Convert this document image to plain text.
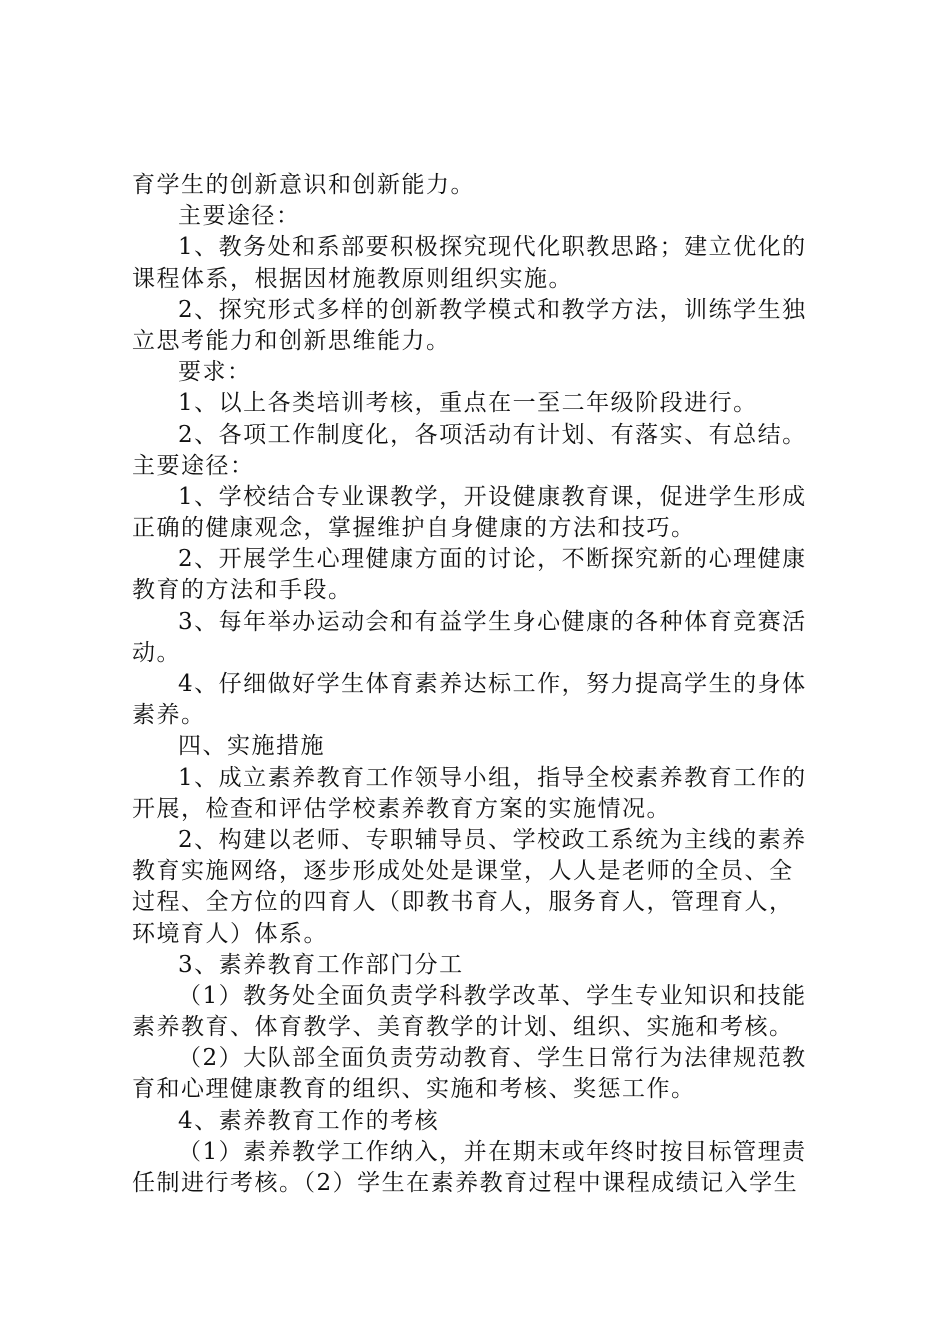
育学生的创新意识和创新能力。
主要途径：
1、教务处和系部要积极探究现代化职教思路；建立优化的
课程体系，根据因材施教原则组织实施。
2、探究形式多样的创新教学模式和教学方法，训练学生独
立思考能力和创新思维能力。
要求：
1、以上各类培训考核，重点在一至二年级阶段进行。
2、各项工作制度化，各项活动有计划、有落实、有总结。
主要途径：
1、学校结合专业课教学，开设健康教育课，促进学生形成
正确的健康观念，掌握维护自身健康的方法和技巧。
2、开展学生心理健康方面的讨论，不断探究新的心理健康
教育的方法和手段。
3、每年举办运动会和有益学生身心健康的各种体育竞赛活
动。
4、仔细做好学生体育素养达标工作，努力提高学生的身体
素养。
四、实施措施
1、成立素养教育工作领导小组，指导全校素养教育工作的
开展，检查和评估学校素养教育方案的实施情况。
2、构建以老师、专职辅导员、学校政工系统为主线的素养
教育实施网络，逐步形成处处是课堂，人人是老师的全员、全
过程、全方位的四育人（即教书育人，服务育人，管理育人，
环境育人）体系。
3、素养教育工作部门分工
（1）教务处全面负责学科教学改革、学生专业知识和技能
素养教育、体育教学、美育教学的计划、组织、实施和考核。
（2）大队部全面负责劳动教育、学生日常行为法律规范教
育和心理健康教育的组织、实施和考核、奖惩工作。
4、素养教育工作的考核
（1）素养教学工作纳入，并在期末或年终时按目标管理责
任制进行考核。（2）学生在素养教育过程中课程成绩记入学生
